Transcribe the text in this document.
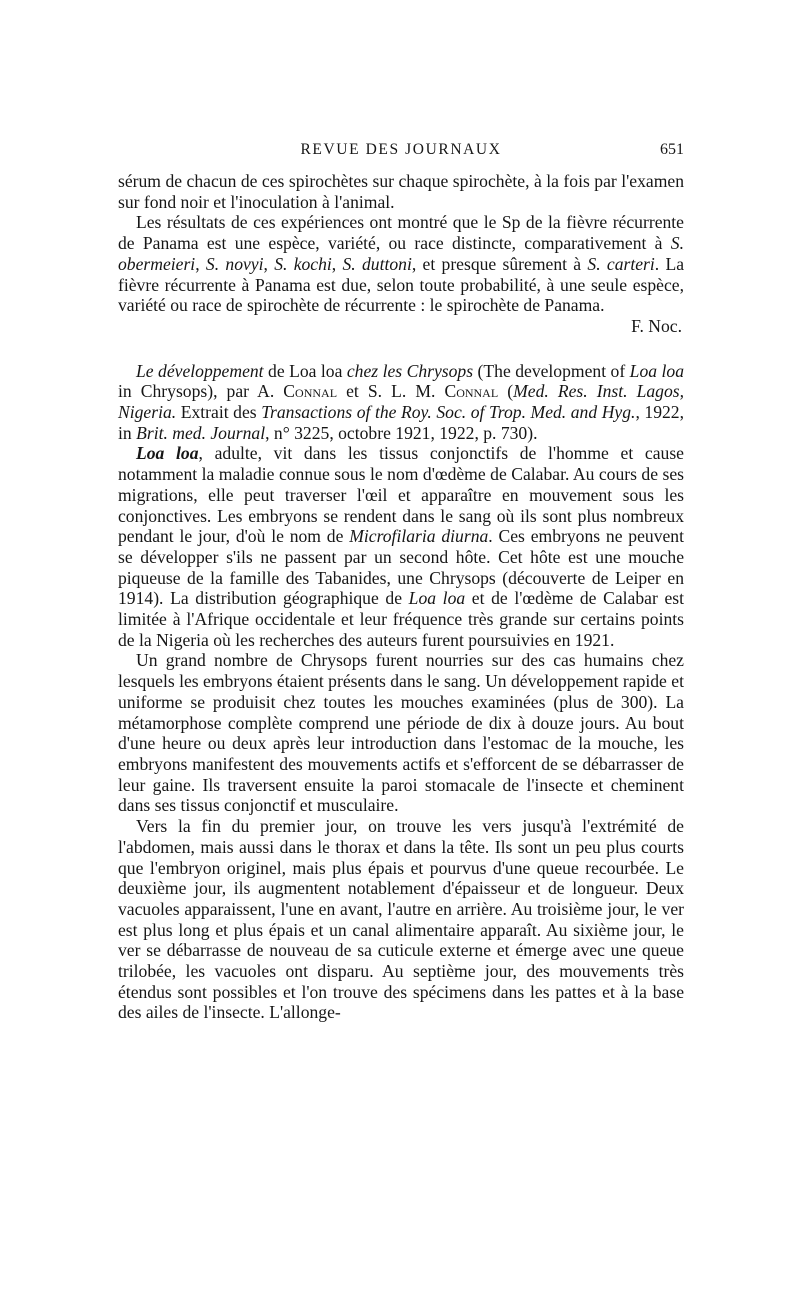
REVUE DES JOURNAUX	651

sérum de chacun de ces spirochètes sur chaque spirochète, à la fois par l'examen sur fond noir et l'inoculation à l'animal.

Les résultats de ces expériences ont montré que le Sp de la fièvre récurrente de Panama est une espèce, variété, ou race distincte, comparativement à S. obermeieri, S. novyi, S. kochi, S. duttoni, et presque sûrement à S. carteri. La fièvre récurrente à Panama est due, selon toute probabilité, à une seule espèce, variété ou race de spirochète de récurrente : le spirochète de Panama.

F. Noc.

Le développement de Loa loa chez les Chrysops (The development of Loa loa in Chrysops), par A. Connal et S. L. M. Connal (Med. Res. Inst. Lagos, Nigeria. Extrait des Transactions of the Roy. Soc. of Trop. Med. and Hyg., 1922, in Brit. med. Journal, n° 3225, octobre 1921, 1922, p. 730).

Loa loa, adulte, vit dans les tissus conjonctifs de l'homme et cause notamment la maladie connue sous le nom d'œdème de Calabar. Au cours de ses migrations, elle peut traverser l'œil et apparaître en mouvement sous les conjonctives. Les embryons se rendent dans le sang où ils sont plus nombreux pendant le jour, d'où le nom de Microfilaria diurna. Ces embryons ne peuvent se développer s'ils ne passent par un second hôte. Cet hôte est une mouche piqueuse de la famille des Tabanides, une Chrysops (découverte de Leiper en 1914). La distribution géographique de Loa loa et de l'œdème de Calabar est limitée à l'Afrique occidentale et leur fréquence très grande sur certains points de la Nigeria où les recherches des auteurs furent poursuivies en 1921.

Un grand nombre de Chrysops furent nourries sur des cas humains chez lesquels les embryons étaient présents dans le sang. Un développement rapide et uniforme se produisit chez toutes les mouches examinées (plus de 300). La métamorphose complète comprend une période de dix à douze jours. Au bout d'une heure ou deux après leur introduction dans l'estomac de la mouche, les embryons manifestent des mouvements actifs et s'efforcent de se débarrasser de leur gaine. Ils traversent ensuite la paroi stomacale de l'insecte et cheminent dans ses tissus conjonctif et musculaire.

Vers la fin du premier jour, on trouve les vers jusqu'à l'extrémité de l'abdomen, mais aussi dans le thorax et dans la tête. Ils sont un peu plus courts que l'embryon originel, mais plus épais et pourvus d'une queue recourbée. Le deuxième jour, ils augmentent notablement d'épaisseur et de longueur. Deux vacuoles apparaissent, l'une en avant, l'autre en arrière. Au troisième jour, le ver est plus long et plus épais et un canal alimentaire apparaît. Au sixième jour, le ver se débarrasse de nouveau de sa cuticule externe et émerge avec une queue trilobée, les vacuoles ont disparu. Au septième jour, des mouvements très étendus sont possibles et l'on trouve des spécimens dans les pattes et à la base des ailes de l'insecte. L'allonge-
